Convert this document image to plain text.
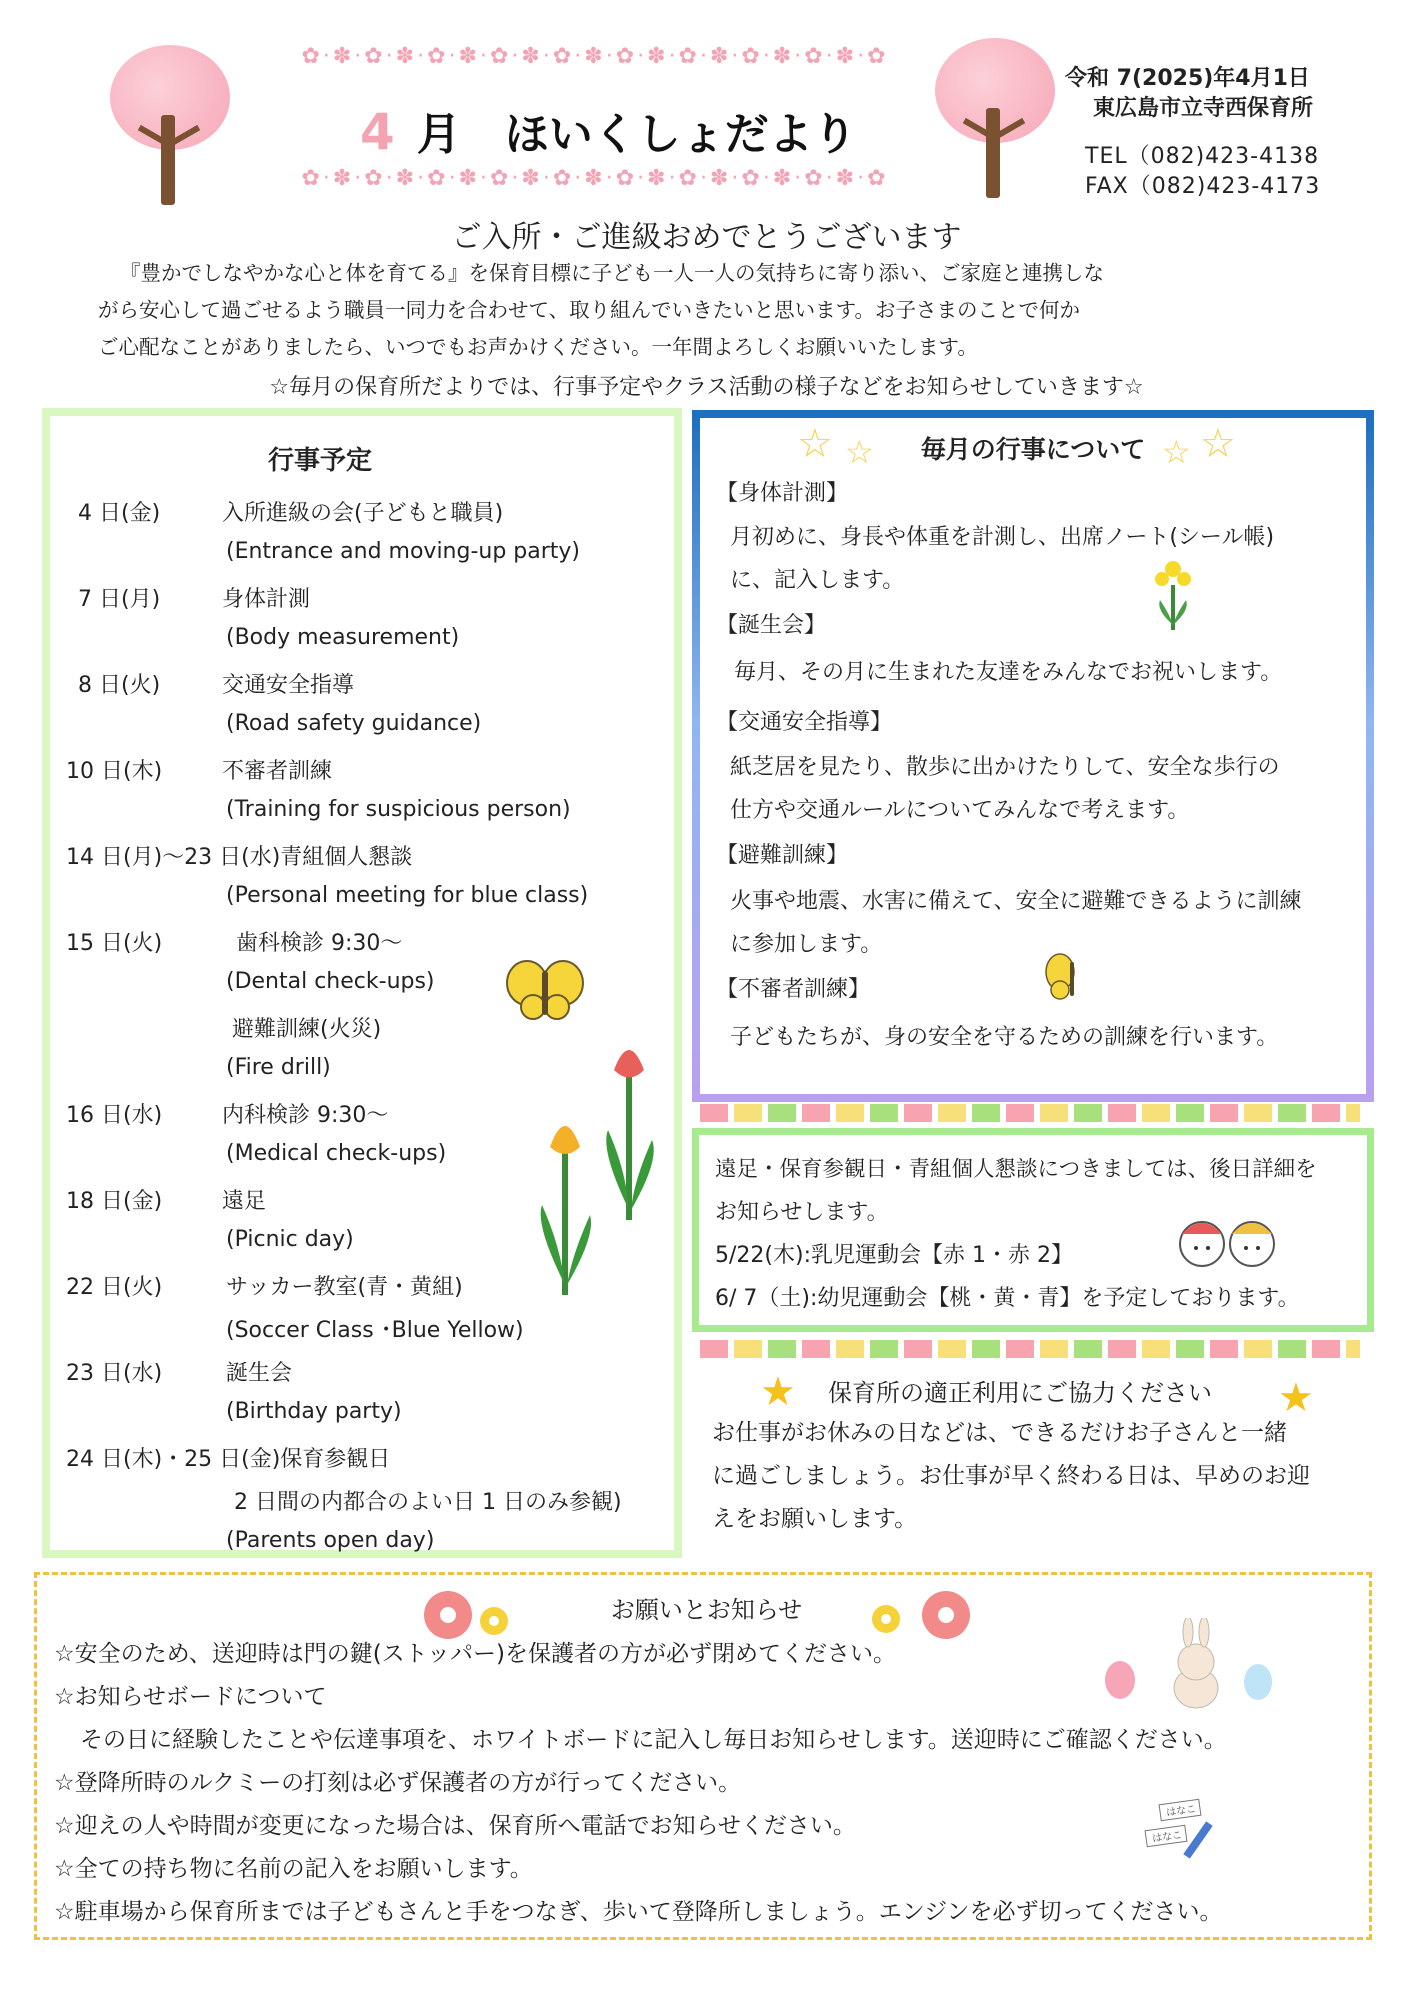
✿·✽·✿·✽·✿·✽·✿·✽·✿·✽·✿·✽·✿·✽·✿·✽·✿·✽·✿
✿·✽·✿·✽·✿·✽·✿·✽·✿·✽·✿·✽·✿·✽·✿·✽·✿·✽·✿
4 月　ほいくしょだより
令和 7(2025)年4月1日
東広島市立寺西保育所
TEL（082)423-4138
FAX（082)423-4173
ご入所・ご進級おめでとうございます

『豊かでしなやかな心と体を育てる』を保育目標に子ども一人一人の気持ちに寄り添い、ご家庭と連携しな

がら安心して過ごせるよう職員一同力を合わせて、取り組んでいきたいと思います。お子さまのことで何か

ご心配なことがありましたら、いつでもお声かけください。一年間よろしくお願いいたします。

☆毎月の保育所だよりでは、行事予定やクラス活動の様子などをお知らせしていきます☆
行事予定
4 日(金)	入所進級の会(子どもと職員)
(Entrance and moving-up party)
7 日(月)	身体計測
(Body measurement)
8 日(火)	交通安全指導
(Road safety guidance)
10 日(木)	不審者訓練
(Training for suspicious person)
14 日(月)～23 日(水)青組個人懇談
(Personal meeting for blue class)
15 日(火)	歯科検診 9:30～
(Dental check-ups)
避難訓練(火災)
(Fire drill)
16 日(水)	内科検診 9:30～
(Medical check-ups)
18 日(金)	遠足
(Picnic day)
22 日(火)	サッカー教室(青・黄組)
(Soccer Class ･Blue Yellow)
23 日(水)	誕生会
(Birthday party)
24 日(木)・25 日(金)保育参観日
2 日間の内都合のよい日 1 日のみ参観)
(Parents open day)
☆ ☆	☆ ☆
毎月の行事について
【身体計測】
月初めに、身長や体重を計測し、出席ノート(シール帳)
に、記入します。
【誕生会】
毎月、その月に生まれた友達をみんなでお祝いします。
【交通安全指導】
紙芝居を見たり、散歩に出かけたりして、安全な歩行の
仕方や交通ルールについてみんなで考えます。
【避難訓練】
火事や地震、水害に備えて、安全に避難できるように訓練
に参加します。
【不審者訓練】
子どもたちが、身の安全を守るための訓練を行います。
遠足・保育参観日・青組個人懇談につきましては、後日詳細を
お知らせします。
5/22(木):乳児運動会【赤 1・赤 2】
6/ 7（土):幼児運動会【桃・黄・青】を予定しております。
★	★
保育所の適正利用にご協力ください
お仕事がお休みの日などは、できるだけお子さんと一緒
に過ごしましょう。お仕事が早く終わる日は、早めのお迎
えをお願いします。
お願いとお知らせ
☆安全のため、送迎時は門の鍵(ストッパー)を保護者の方が必ず閉めてください。
☆お知らせボードについて
その日に経験したことや伝達事項を、ホワイトボードに記入し毎日お知らせします。送迎時にご確認ください。
☆登降所時のルクミーの打刻は必ず保護者の方が行ってください。
☆迎えの人や時間が変更になった場合は、保育所へ電話でお知らせください。
☆全ての持ち物に名前の記入をお願いします。
☆駐車場から保育所までは子どもさんと手をつなぎ、歩いて登降所しましょう。エンジンを必ず切ってください。
はなこ
はなこ
